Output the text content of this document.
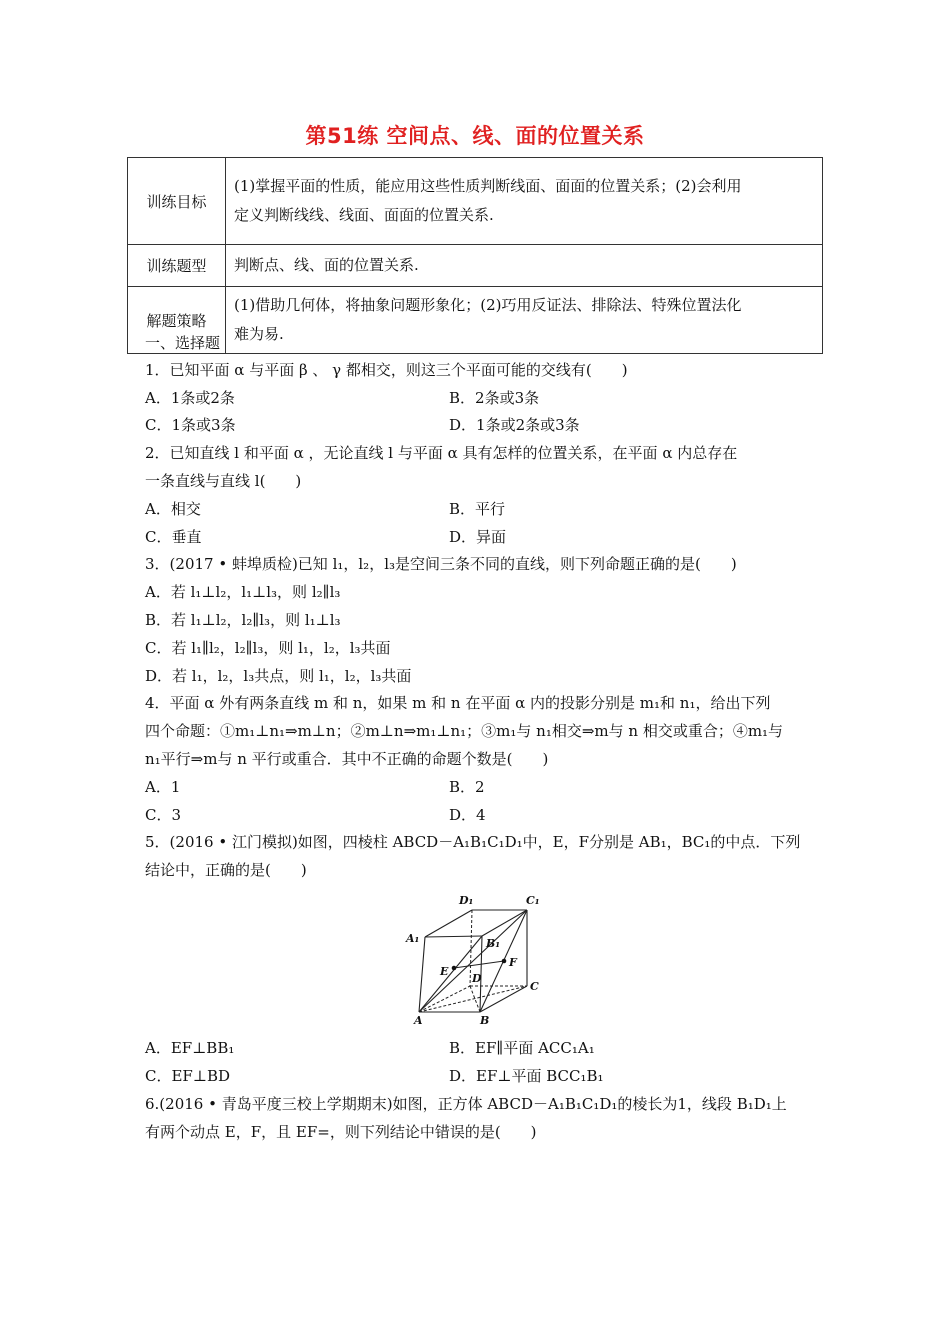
第51练 空间点、线、面的位置关系
训练目标	(1)掌握平面的性质，能应用这些性质判断线面、面面的位置关系；(2)会利用
定义判断线线、线面、面面的位置关系.

训练题型	判断点、线、面的位置关系.

解题策略	(1)借助几何体，将抽象问题形象化；(2)巧用反证法、排除法、特殊位置法化
难为易.
一、选择题
1．已知平面 α 与平面 β 、 γ 都相交，则这三个平面可能的交线有(　　)
A．1条或2条	B．2条或3条
C．1条或3条	D．1条或2条或3条
2．已知直线 l 和平面 α ，无论直线 l 与平面 α 具有怎样的位置关系，在平面 α 内总存在
一条直线与直线 l(　　)
A．相交	B．平行
C．垂直	D．异面
3．(2017 • 蚌埠质检)已知 l₁，l₂，l₃是空间三条不同的直线，则下列命题正确的是(　　)
A．若 l₁⊥l₂，l₁⊥l₃，则 l₂∥l₃
B．若 l₁⊥l₂，l₂∥l₃，则 l₁⊥l₃
C．若 l₁∥l₂，l₂∥l₃，则 l₁，l₂，l₃共面
D．若 l₁，l₂，l₃共点，则 l₁，l₂，l₃共面
4．平面 α 外有两条直线 m 和 n，如果 m 和 n 在平面 α 内的投影分别是 m₁和 n₁，给出下列
四个命题：①m₁⊥n₁⇒m⊥n；②m⊥n⇒m₁⊥n₁；③m₁与 n₁相交⇒m与 n 相交或重合；④m₁与
n₁平行⇒m与 n 平行或重合．其中不正确的命题个数是(　　)
A．1	B．2
C．3	D．4
5．(2016 • 江门模拟)如图，四棱柱 ABCD－A₁B₁C₁D₁中，E，F分别是 AB₁，BC₁的中点．下列
结论中，正确的是(　　)
D₁	C₁
A₁	B₁
E
F
D
C
A	B
A．EF⊥BB₁	B．EF∥平面 ACC₁A₁
C．EF⊥BD	D．EF⊥平面 BCC₁B₁
6.(2016 • 青岛平度三校上学期期末)如图，正方体 ABCD－A₁B₁C₁D₁的棱长为1，线段 B₁D₁上
有两个动点 E，F，且 EF=，则下列结论中错误的是(　　)
